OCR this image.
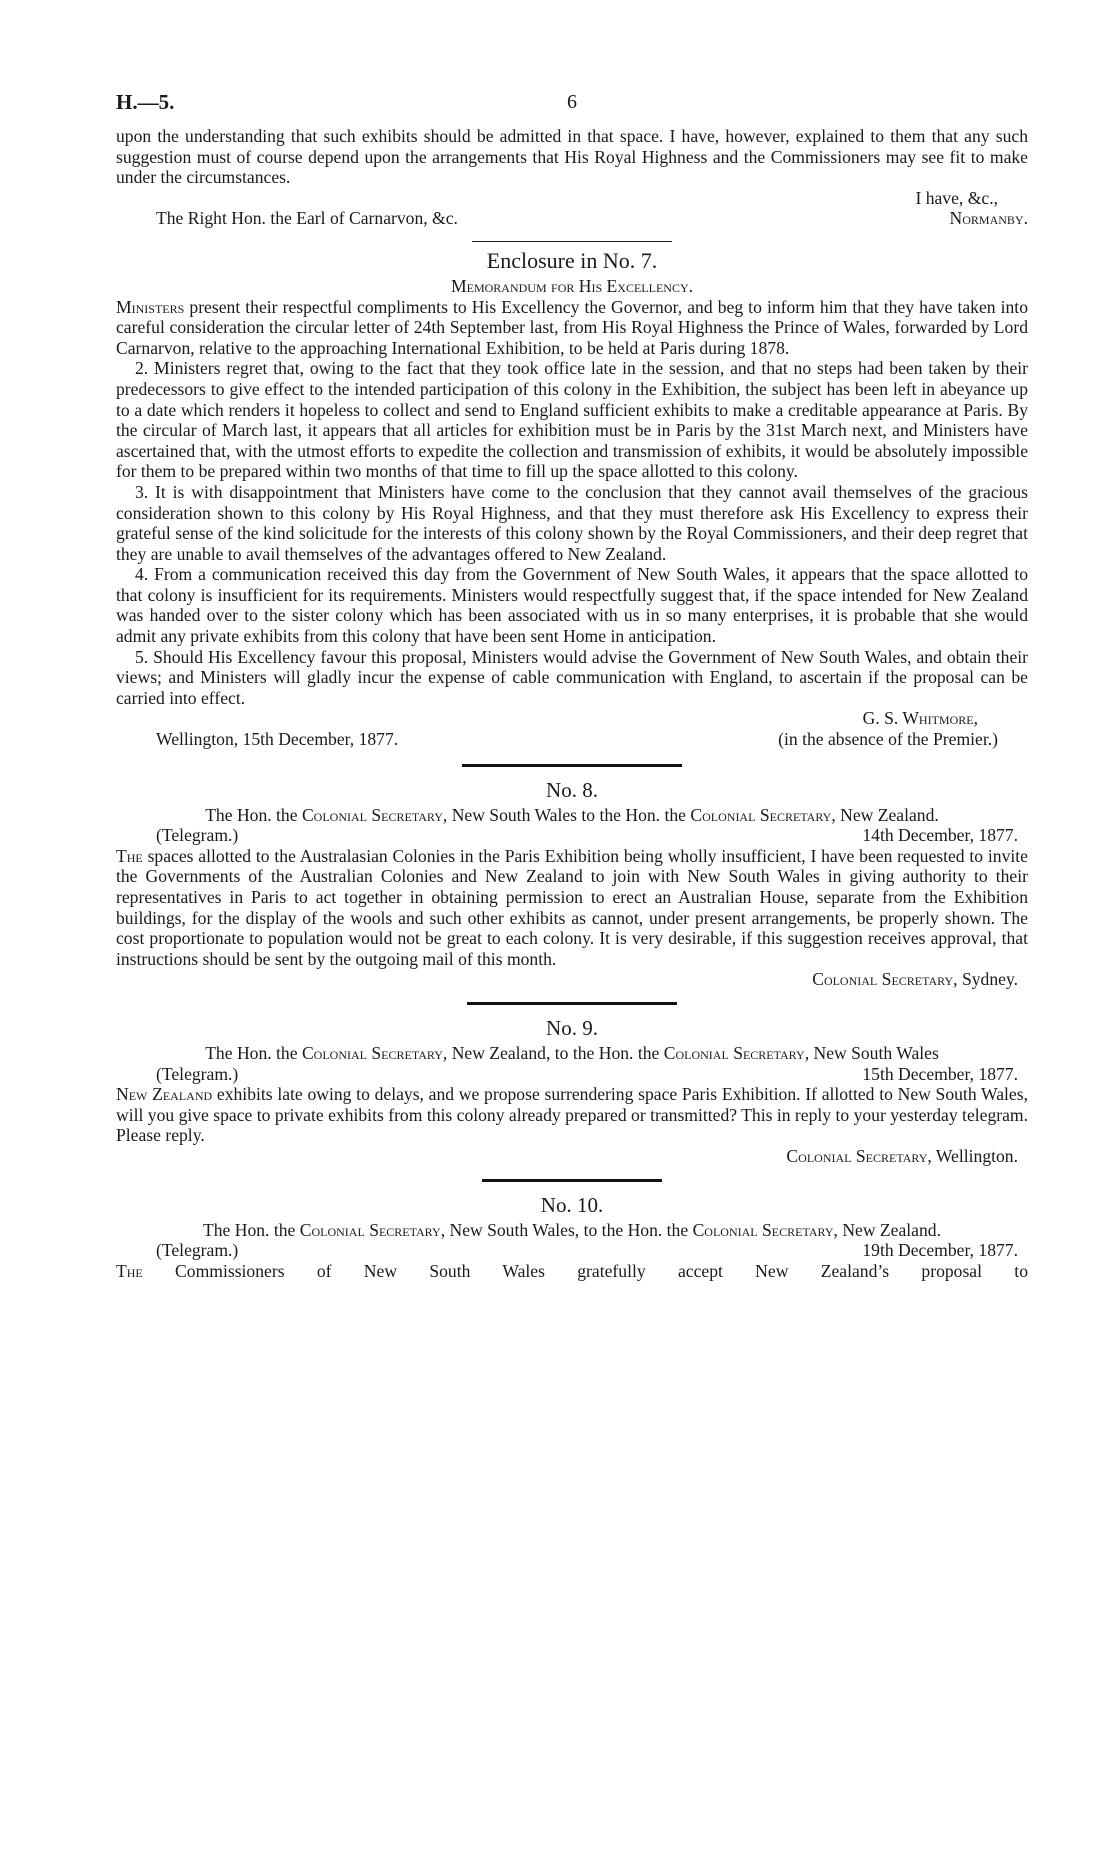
H.—5.	6

upon the understanding that such exhibits should be admitted in that space. I have, however, explained to them that any such suggestion must of course depend upon the arrangements that His Royal Highness and the Commissioners may see fit to make under the circumstances.

I have, &c.,
The Right Hon. the Earl of Carnarvon, &c.	Normanby.
Enclosure in No. 7.
Memorandum for His Excellency.

Ministers present their respectful compliments to His Excellency the Governor, and beg to inform him that they have taken into careful consideration the circular letter of 24th September last, from His Royal Highness the Prince of Wales, forwarded by Lord Carnarvon, relative to the approaching International Exhibition, to be held at Paris during 1878.

2. Ministers regret that, owing to the fact that they took office late in the session, and that no steps had been taken by their predecessors to give effect to the intended participation of this colony in the Exhibition, the subject has been left in abeyance up to a date which renders it hopeless to collect and send to England sufficient exhibits to make a creditable appearance at Paris. By the circular of March last, it appears that all articles for exhibition must be in Paris by the 31st March next, and Ministers have ascertained that, with the utmost efforts to expedite the collection and transmission of exhibits, it would be absolutely impossible for them to be prepared within two months of that time to fill up the space allotted to this colony.

3. It is with disappointment that Ministers have come to the conclusion that they cannot avail themselves of the gracious consideration shown to this colony by His Royal Highness, and that they must therefore ask His Excellency to express their grateful sense of the kind solicitude for the interests of this colony shown by the Royal Commissioners, and their deep regret that they are unable to avail themselves of the advantages offered to New Zealand.

4. From a communication received this day from the Government of New South Wales, it appears that the space allotted to that colony is insufficient for its requirements. Ministers would respectfully suggest that, if the space intended for New Zealand was handed over to the sister colony which has been associated with us in so many enterprises, it is probable that she would admit any private exhibits from this colony that have been sent Home in anticipation.

5. Should His Excellency favour this proposal, Ministers would advise the Government of New South Wales, and obtain their views; and Ministers will gladly incur the expense of cable communication with England, to ascertain if the proposal can be carried into effect.

G. S. Whitmore,
Wellington, 15th December, 1877.	(in the absence of the Premier.)
No. 8.
The Hon. the Colonial Secretary, New South Wales to the Hon. the Colonial Secretary, New Zealand.
(Telegram.)	14th December, 1877.

The spaces allotted to the Australasian Colonies in the Paris Exhibition being wholly insufficient, I have been requested to invite the Governments of the Australian Colonies and New Zealand to join with New South Wales in giving authority to their representatives in Paris to act together in obtaining permission to erect an Australian House, separate from the Exhibition buildings, for the display of the wools and such other exhibits as cannot, under present arrangements, be properly shown. The cost proportionate to population would not be great to each colony. It is very desirable, if this suggestion receives approval, that instructions should be sent by the outgoing mail of this month.

Colonial Secretary, Sydney.
No. 9.
The Hon. the Colonial Secretary, New Zealand, to the Hon. the Colonial Secretary, New South Wales
(Telegram.)	15th December, 1877.

New Zealand exhibits late owing to delays, and we propose surrendering space Paris Exhibition. If allotted to New South Wales, will you give space to private exhibits from this colony already prepared or transmitted? This in reply to your yesterday telegram. Please reply.

Colonial Secretary, Wellington.
No. 10.
The Hon. the Colonial Secretary, New South Wales, to the Hon. the Colonial Secretary, New Zealand.
(Telegram.)	19th December, 1877.

The Commissioners of New South Wales gratefully accept New Zealand’s proposal to
